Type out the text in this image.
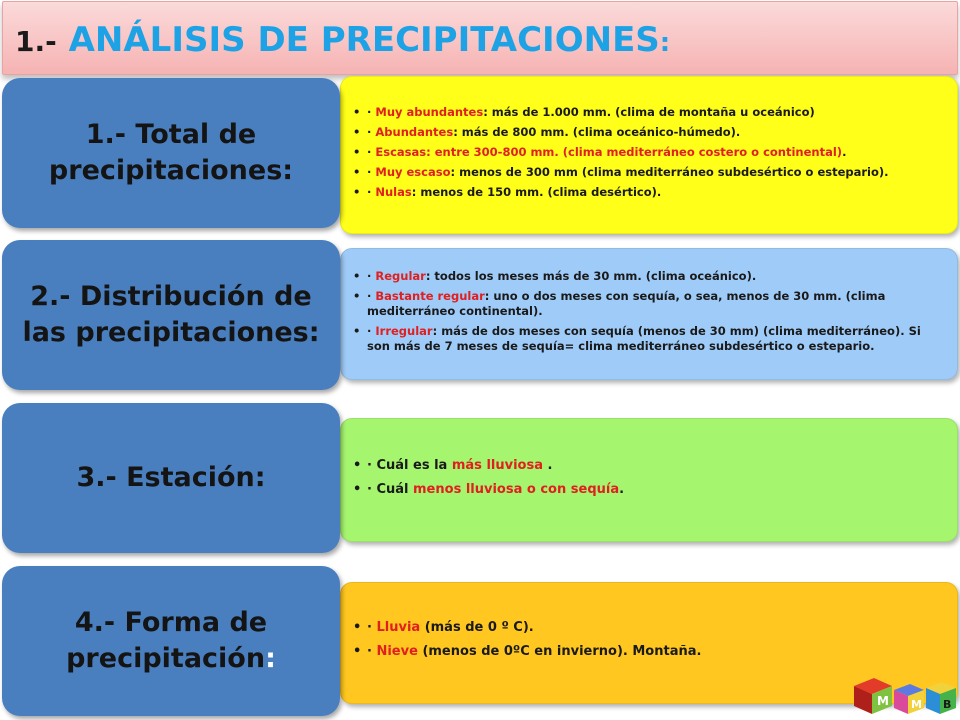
1.- ANÁLISIS DE PRECIPITACIONES:
• · Muy abundantes: más de 1.000 mm. (clima de montaña u oceánico)
• · Abundantes: más de 800 mm. (clima oceánico-húmedo).
• · Escasas: entre 300-800 mm. (clima mediterráneo costero o continental).
• · Muy escaso: menos de 300 mm (clima mediterráneo subdesértico o estepario).
• · Nulas: menos de 150 mm. (clima desértico).
1.- Total de precipitaciones:
• · Regular: todos los meses más de 30 mm. (clima oceánico).
• · Bastante regular: uno o dos meses con sequía, o sea, menos de 30 mm. (clima mediterráneo continental).
• · Irregular: más de dos meses con sequía (menos de 30 mm) (clima mediterráneo). Si son más de 7 meses de sequía= clima mediterráneo subdesértico o estepario.
2.- Distribución de las precipitaciones:
• · Cuál es la más lluviosa .
• · Cuál menos lluviosa o con sequía.
3.- Estación:
• · Lluvia (más de 0 º C).
• · Nieve (menos de 0ºC en invierno). Montaña.
4.- Forma de precipitación:
M M B
